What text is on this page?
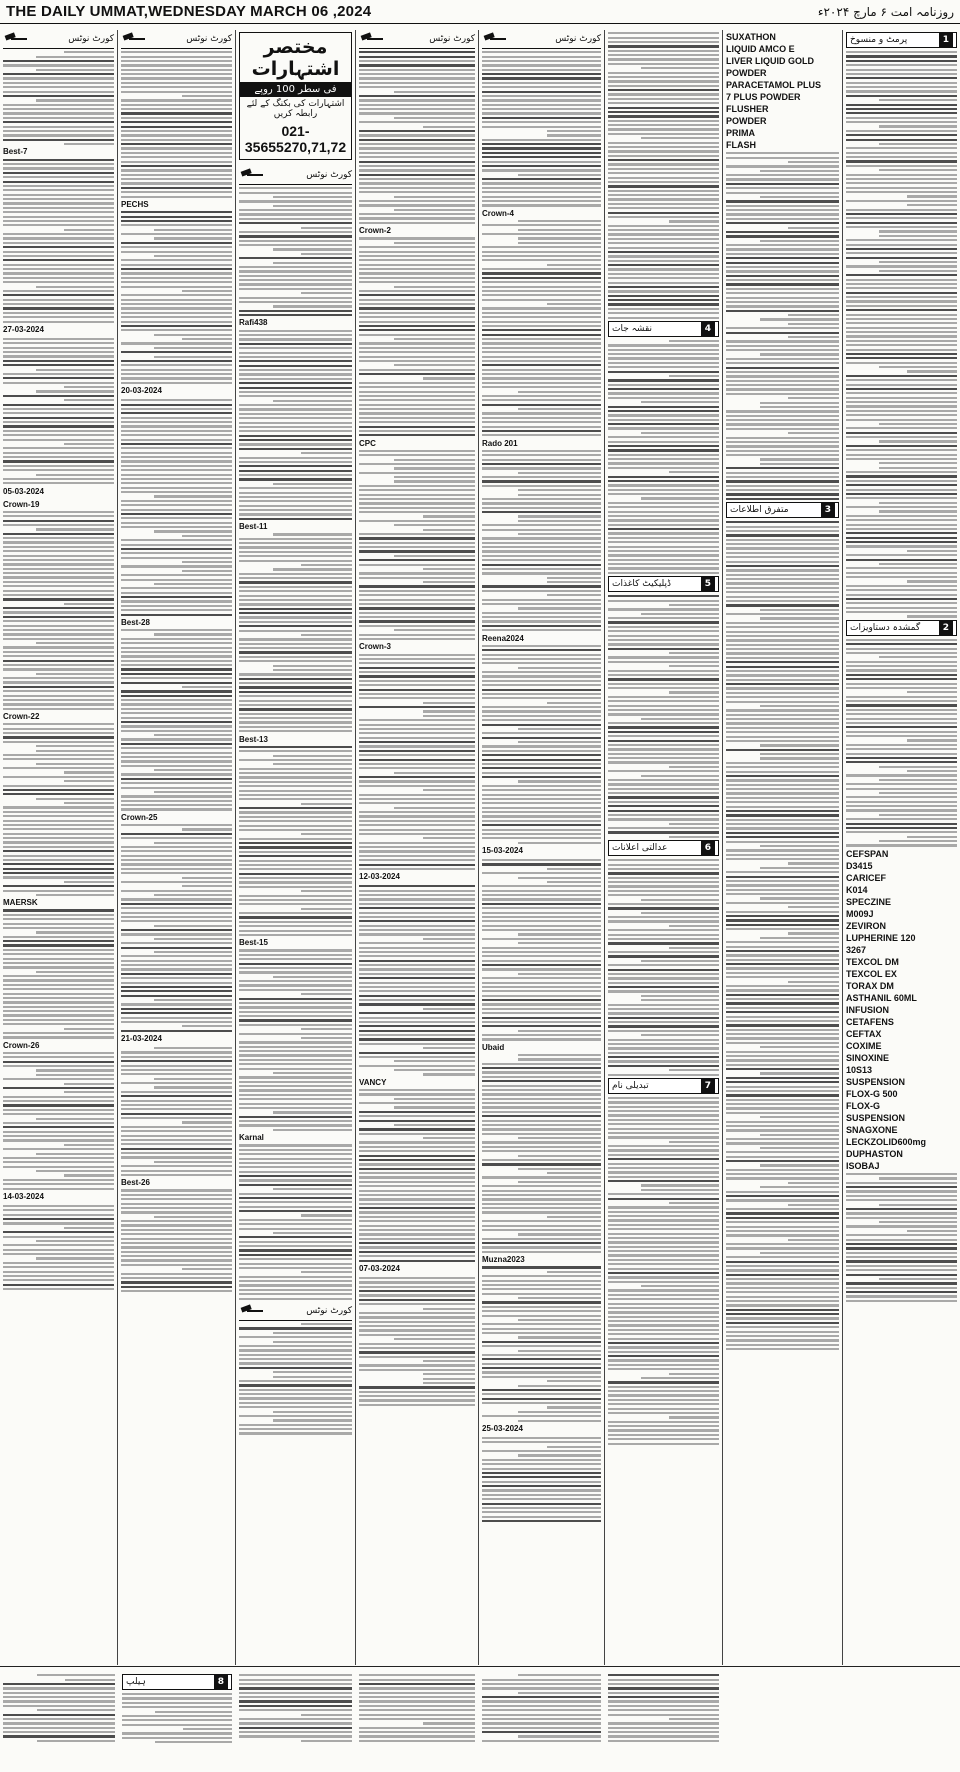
THE DAILY UMMAT,WEDNESDAY MARCH 06 ,2024	روزنامہ امت ۶ مارچ ۲۰۲۴ء
کورٹ نوٹس
Best-7
27-03-2024
05-03-2024
Crown-19
Crown-22
MAERSK
Crown-26
14-03-2024
کورٹ نوٹس
PECHS
20-03-2024
Best-28
Crown-25
21-03-2024
Best-26
مختصر اشتہارات
فی سطر 100 روپے
اشتہارات کی بکنگ کے لئے رابطہ کریں
021-35655270,71,72
کورٹ نوٹس
Rafi438
Best-11
Best-13
Best-15
Karnal
کورٹ نوٹس
کورٹ نوٹس
Crown-2
CPC
Crown-3
12-03-2024
VANCY
07-03-2024
کورٹ نوٹس
Crown-4
Rado 201
Reena2024
15-03-2024
Ubaid
Muzna2023
25-03-2024
4
نقشہ جات
5
ڈپلیکیٹ کاغذات
6
عدالتی اعلانات
7
تبدیلی نام
SUXATHON
LIQUID AMCO E
LIVER LIQUID GOLD
POWDER
PARACETAMOL PLUS
7 PLUS POWDER
FLUSHER
POWDER
PRIMA
FLASH
3
متفرق اطلاعات
1
پرمٹ و منسوخ
2
گمشدہ دستاویزات
CEFSPAN
D3415
CARICEF
K014
SPECZINE
M009J
ZEVIRON
LUPHERINE 120
3267
TEXCOL DM
TEXCOL EX
TORAX DM
ASTHANIL 60ML
INFUSION
CETAFENS
CEFTAX
COXIME
SINOXINE
10S13
SUSPENSION
FLOX-G 500
FLOX-G
SUSPENSION
SNAGXONE
LECKZOLID600mg
DUPHASTON
ISOBAJ
8
ہیلپ
